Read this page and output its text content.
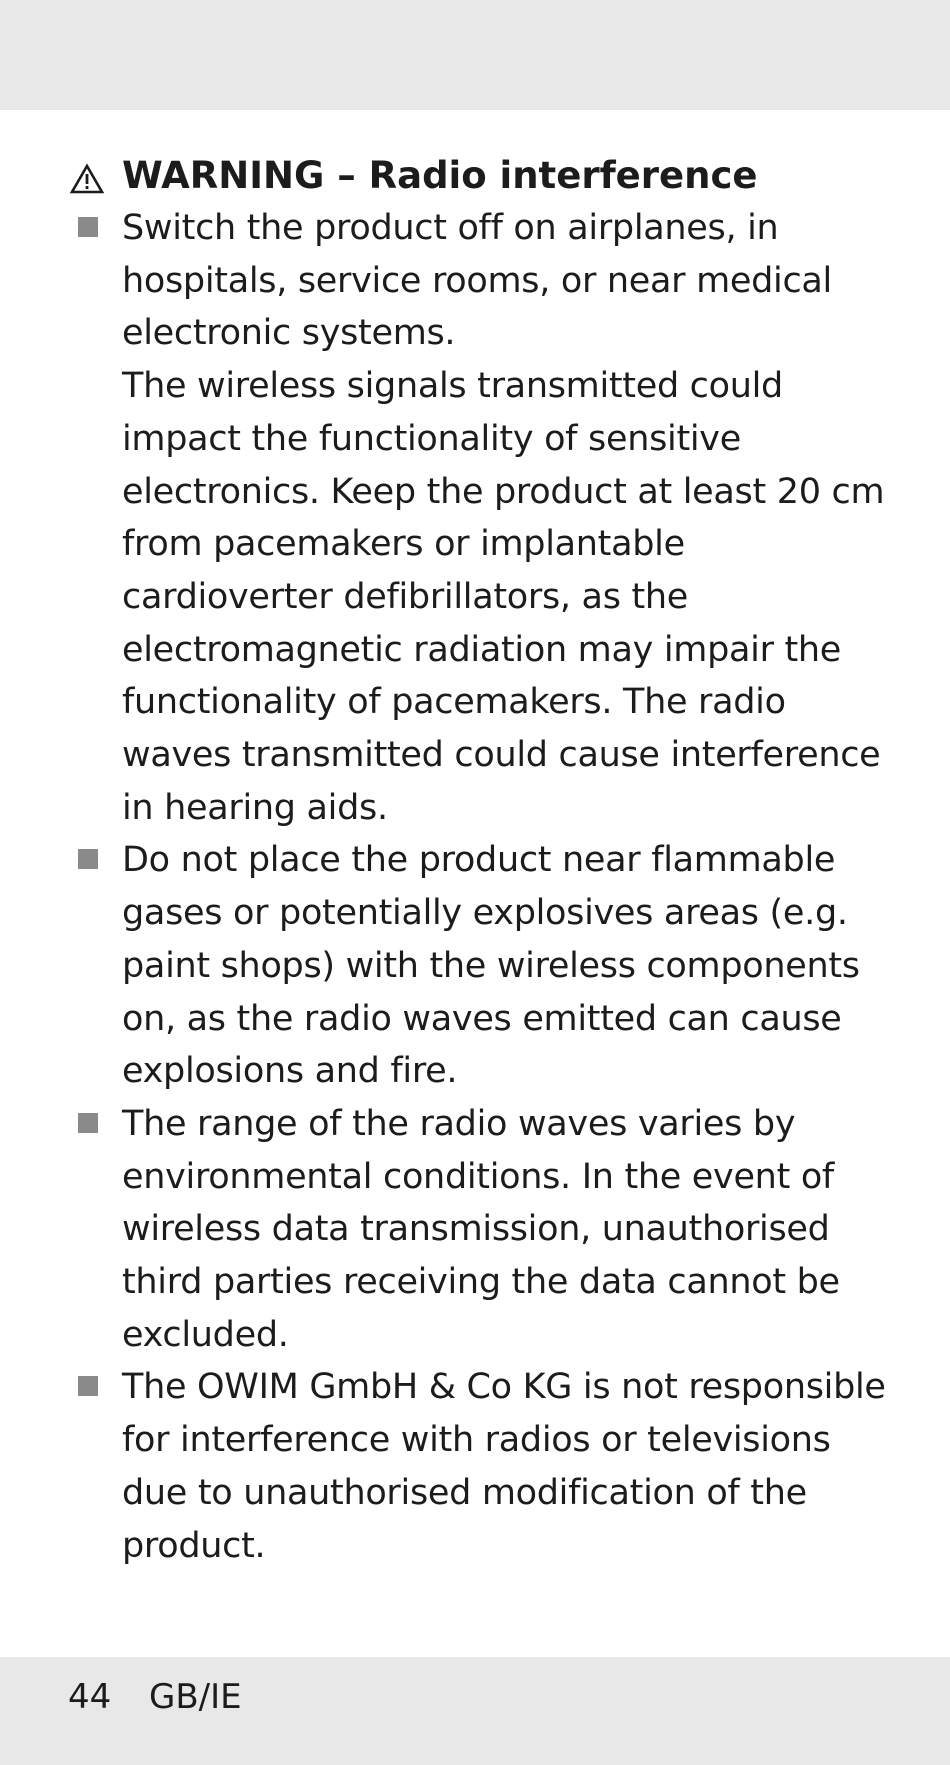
WARNING – Radio interference

Switch the product off on airplanes, in hospitals, service rooms, or near medical electronic systems.

The wireless signals transmitted could impact the functionality of sensitive electronics. Keep the product at least 20 cm from pacemakers or implantable cardioverter defibrillators, as the electromagnetic radiation may impair the functionality of pacemakers. The radio waves transmitted could cause interference in hearing aids.

Do not place the product near flammable gases or potentially explosives areas (e.g. paint shops) with the wireless components on, as the radio waves emitted can cause explosions and fire.

The range of the radio waves varies by environmental conditions. In the event of wireless data transmission, unauthorised third parties receiving the data cannot be excluded.

The OWIM GmbH & Co KG is not responsible for interference with radios or televisions due to unauthorised modification of the product.

44 GB/IE
